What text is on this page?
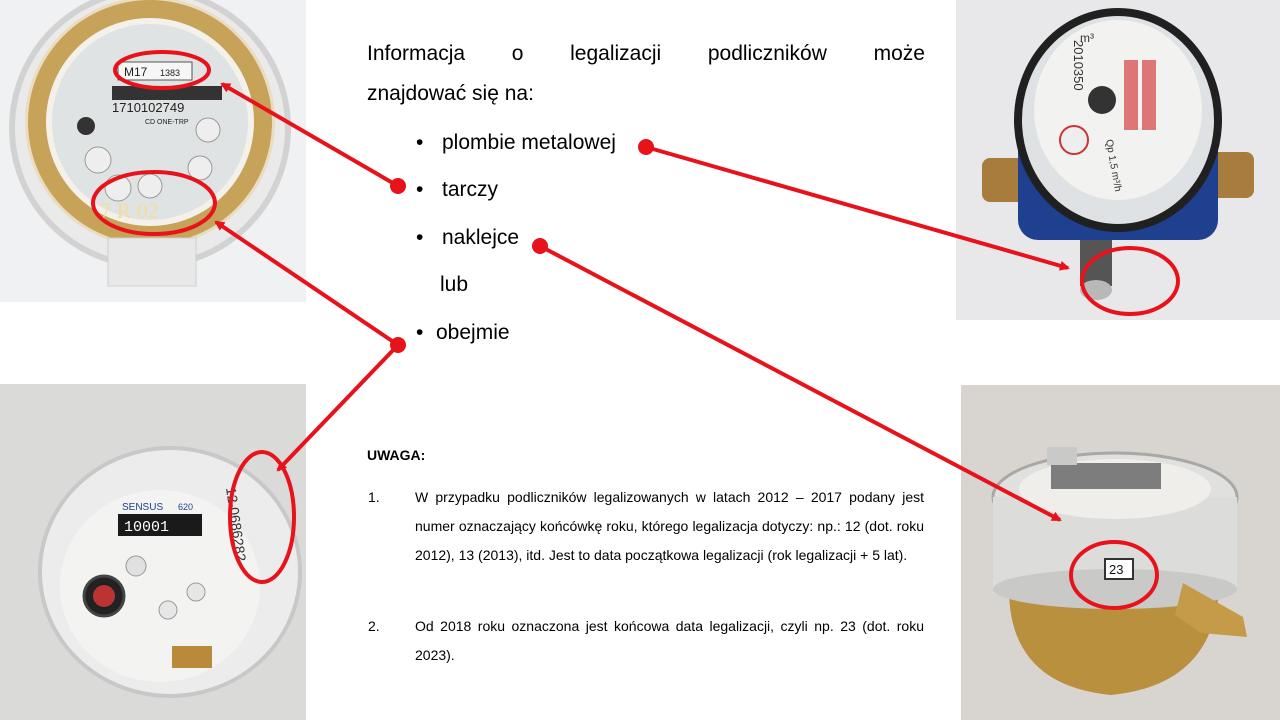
M17 1383
1710102749
CD ONE-TRP
7 R 02
SENSUS 620
10001	12-0686282
2010350
m³
Qp 1,5 m³/h
23
Informacja o legalizacji podliczników może
znajdować się na:
• plombie metalowej
• tarczy
• naklejce
lub
• obejmie
UWAGA:
1.	W przypadku podliczników legalizowanych w latach 2012 – 2017 podany jest numer oznaczający końcówkę roku, którego legalizacja dotyczy: np.: 12 (dot. roku 2012), 13 (2013), itd. Jest to data początkowa legalizacji (rok legalizacji + 5 lat).
2.	Od 2018 roku oznaczona jest końcowa data legalizacji, czyli np. 23 (dot. roku 2023).
